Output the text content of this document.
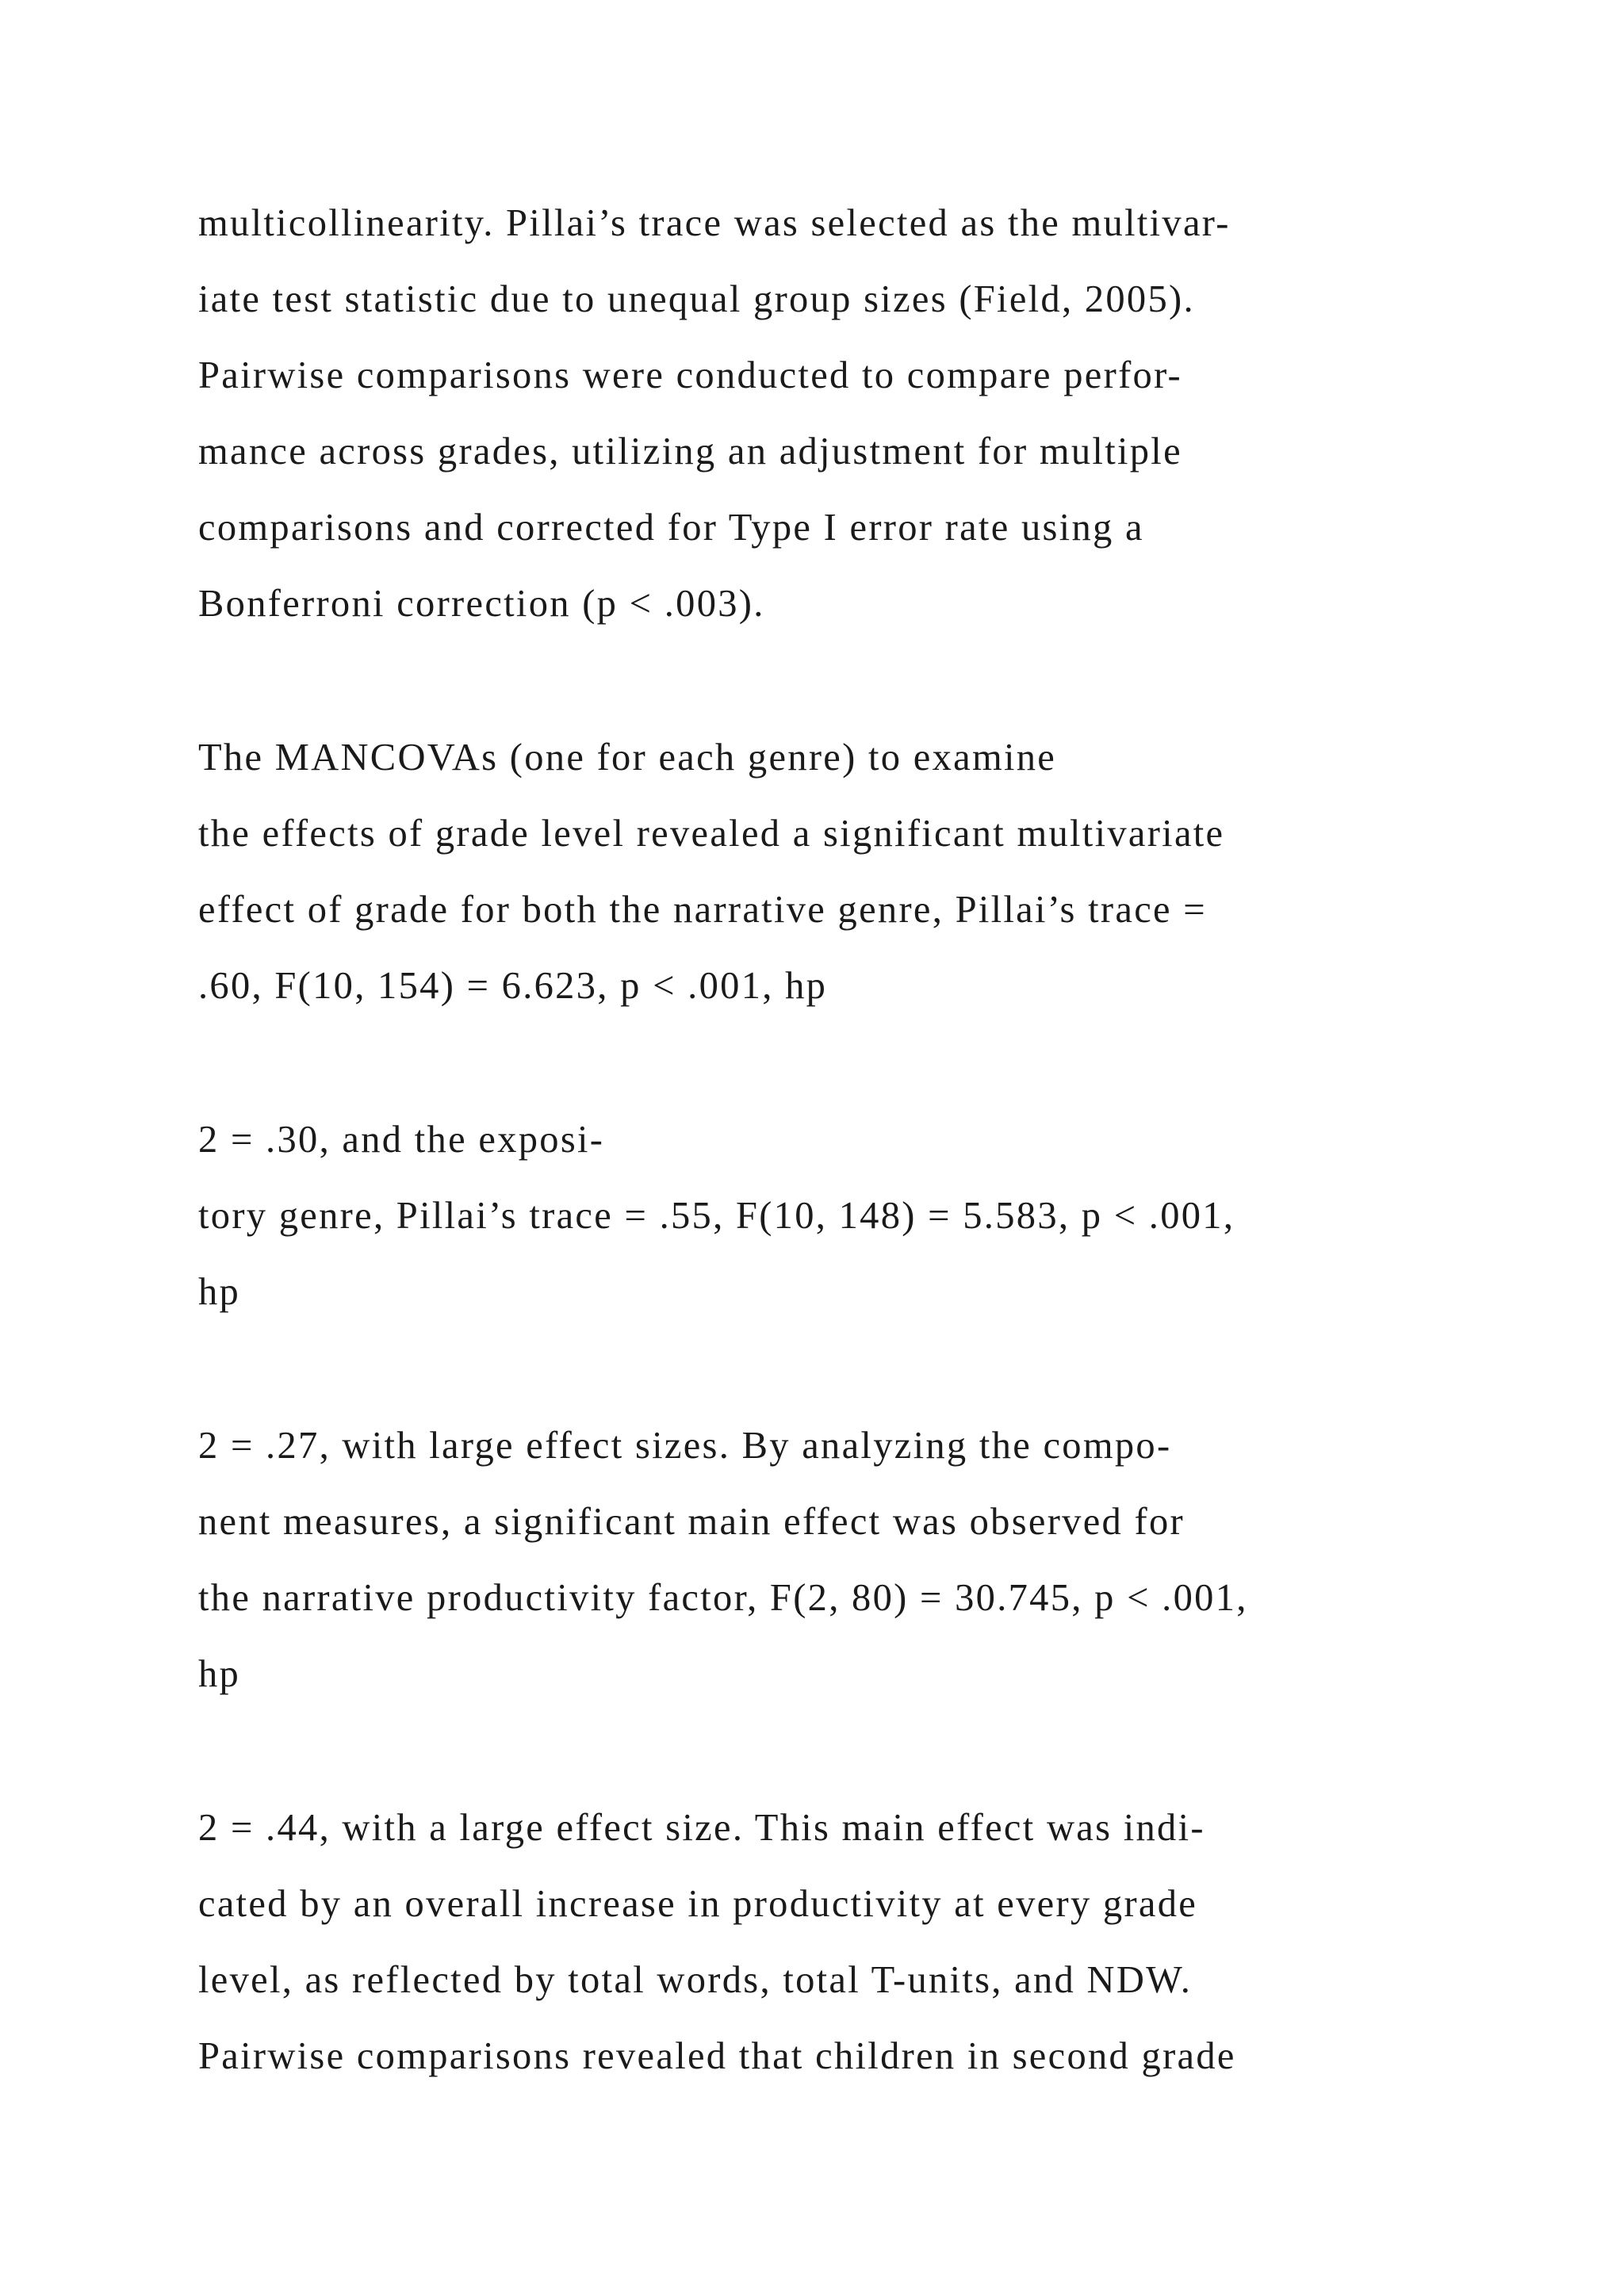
multicollinearity. Pillai’s trace was selected as the multivar-

iate test statistic due to unequal group sizes (Field, 2005).

Pairwise comparisons were conducted to compare perfor-

mance across grades, utilizing an adjustment for multiple

comparisons and corrected for Type I error rate using a

Bonferroni correction (p < .003).

The MANCOVAs (one for each genre) to examine

the effects of grade level revealed a significant multivariate

effect of grade for both the narrative genre, Pillai’s trace =

.60, F(10, 154) = 6.623, p < .001, hp

2 = .30, and the exposi-

tory genre, Pillai’s trace = .55, F(10, 148) = 5.583, p < .001,

hp

2 = .27, with large effect sizes. By analyzing the compo-

nent measures, a significant main effect was observed for

the narrative productivity factor, F(2, 80) = 30.745, p < .001,

hp

2 = .44, with a large effect size. This main effect was indi-

cated by an overall increase in productivity at every grade

level, as reflected by total words, total T-units, and NDW.

Pairwise comparisons revealed that children in second grade
